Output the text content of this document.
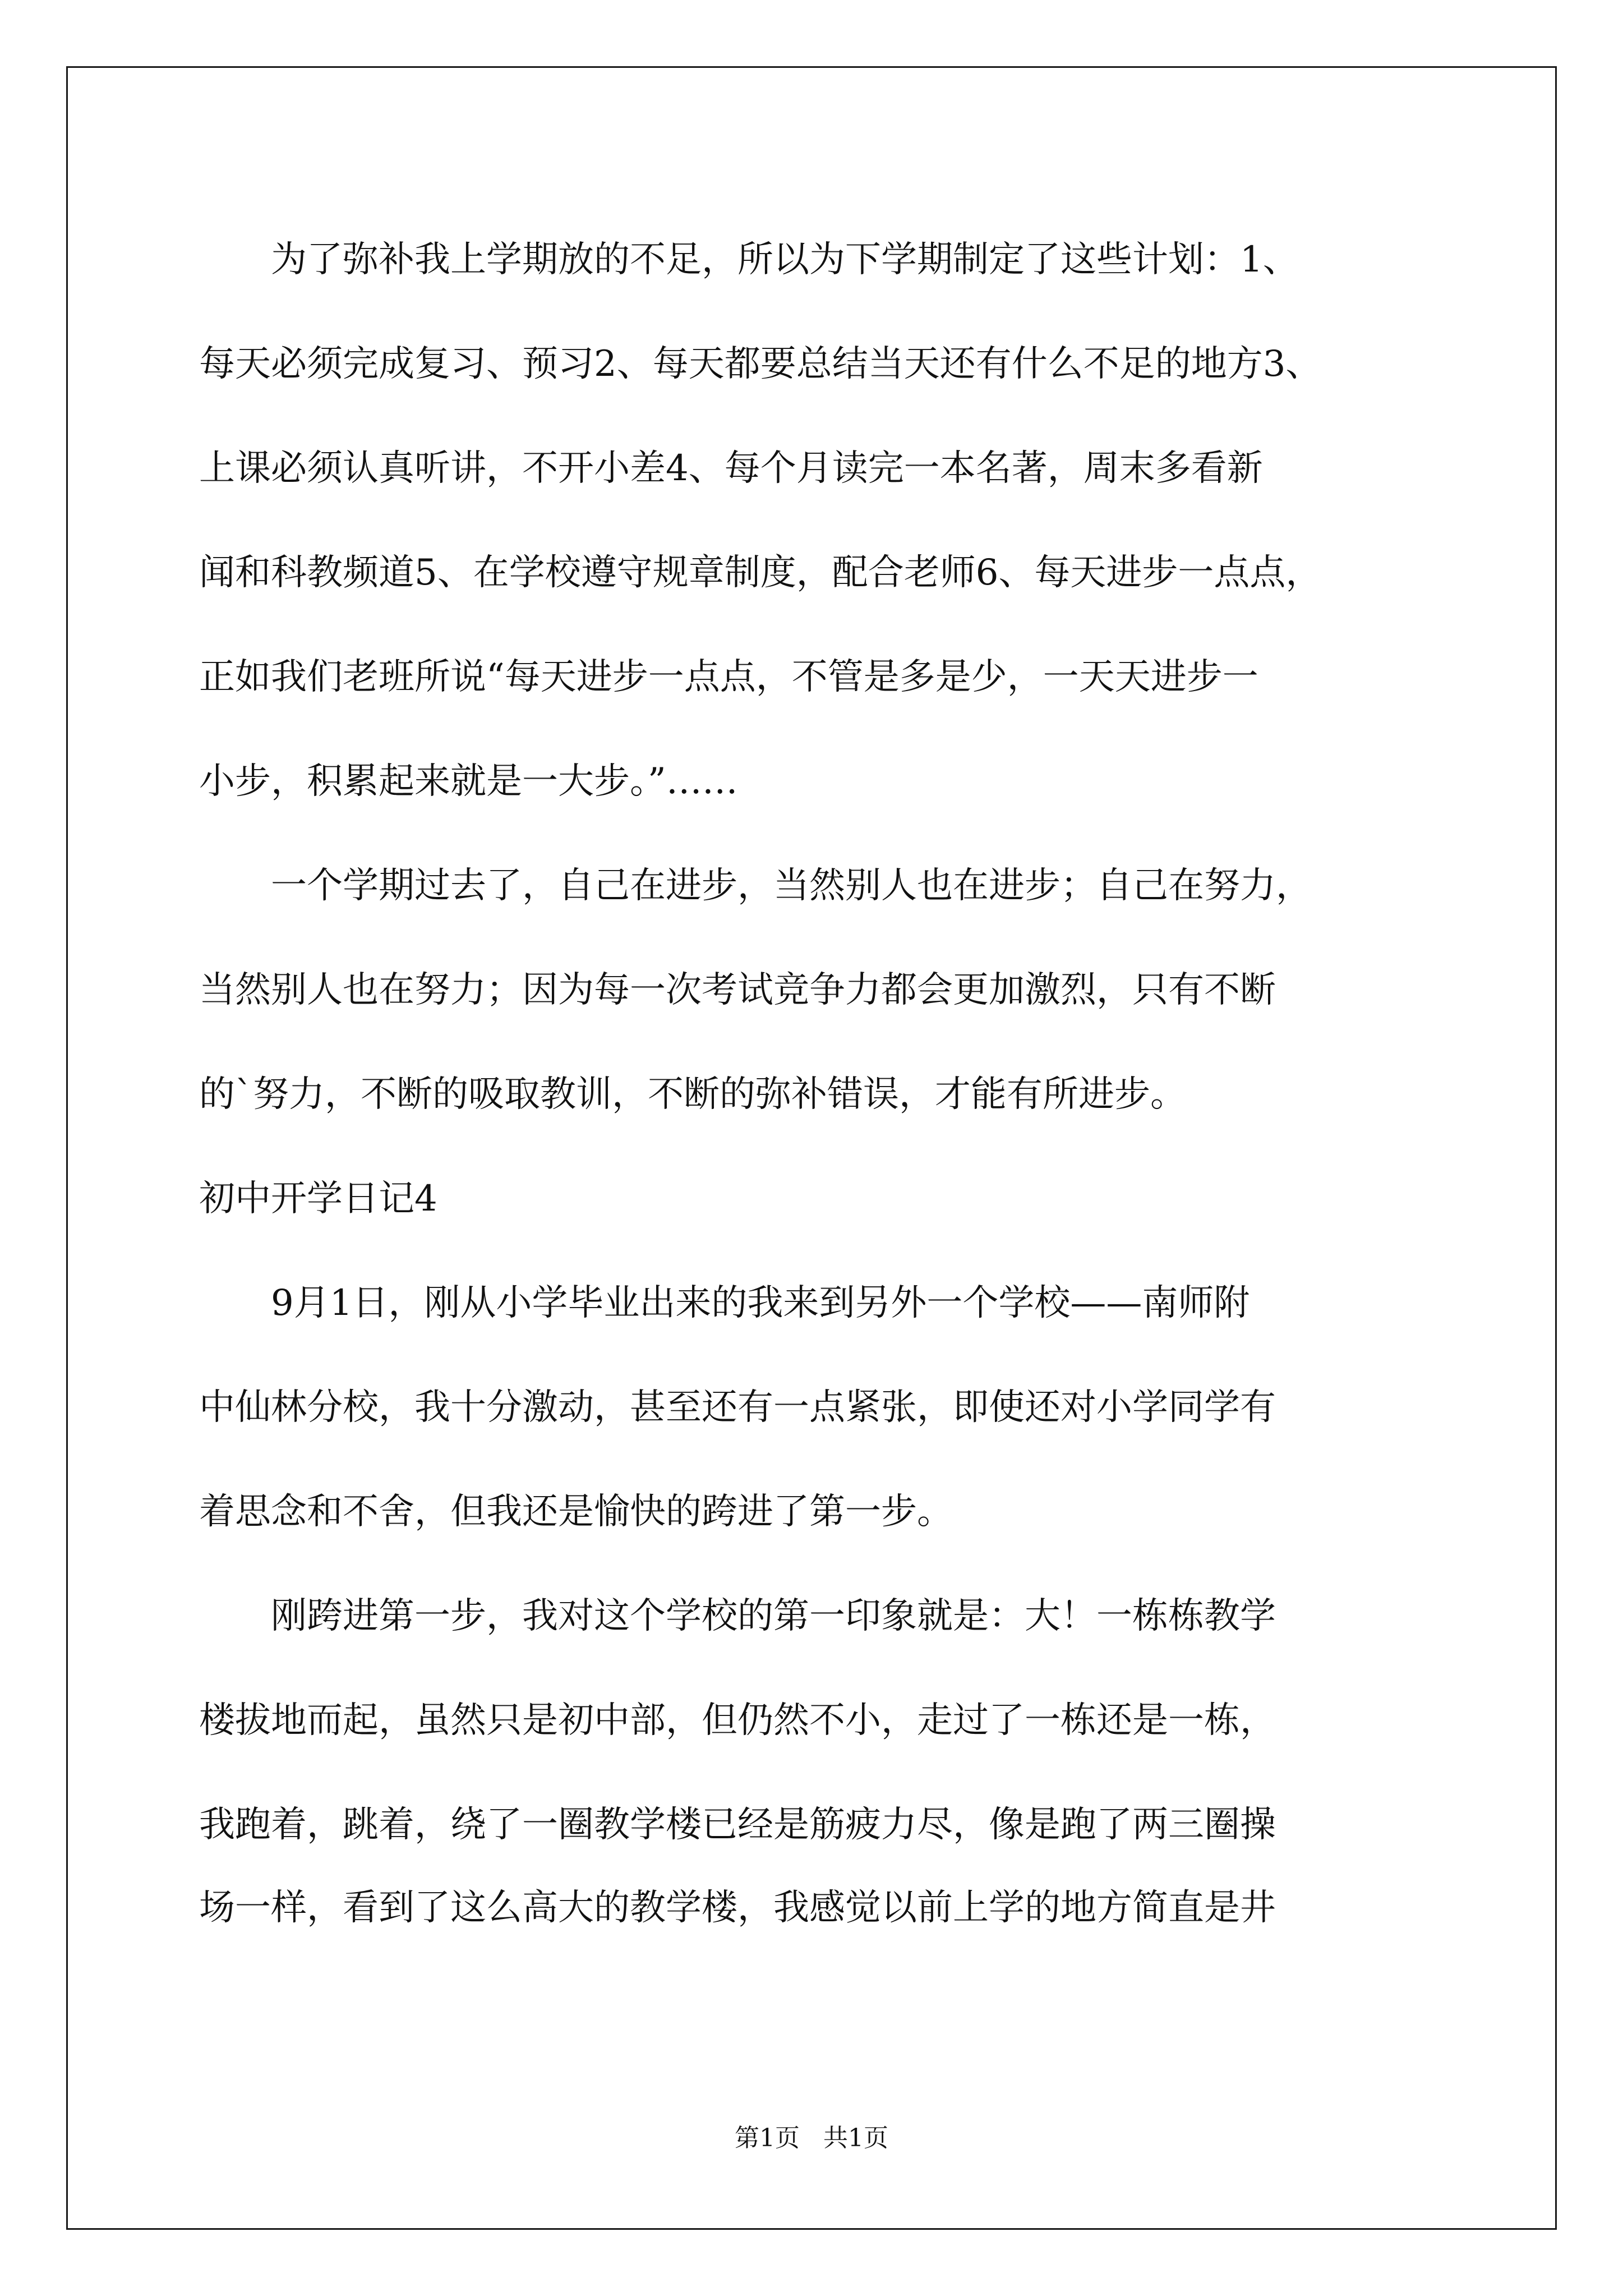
为了弥补我上学期放的不足，所以为下学期制定了这些计划：1、
每天必须完成复习、预习2、每天都要总结当天还有什么不足的地方3、
上课必须认真听讲，不开小差4、每个月读完一本名著，周末多看新
闻和科教频道5、在学校遵守规章制度，配合老师6、每天进步一点点，
正如我们老班所说“每天进步一点点，不管是多是少，一天天进步一
小步，积累起来就是一大步。”……
一个学期过去了，自己在进步，当然别人也在进步；自己在努力，
当然别人也在努力；因为每一次考试竞争力都会更加激烈，只有不断
的`努力，不断的吸取教训，不断的弥补错误，才能有所进步。
初中开学日记4
9月1日，刚从小学毕业出来的我来到另外一个学校——南师附
中仙林分校，我十分激动，甚至还有一点紧张，即使还对小学同学有
着思念和不舍，但我还是愉快的跨进了第一步。
刚跨进第一步，我对这个学校的第一印象就是：大！一栋栋教学
楼拔地而起，虽然只是初中部，但仍然不小，走过了一栋还是一栋，
我跑着，跳着，绕了一圈教学楼已经是筋疲力尽，像是跑了两三圈操
场一样，看到了这么高大的教学楼，我感觉以前上学的地方简直是井
第1页   共1页
